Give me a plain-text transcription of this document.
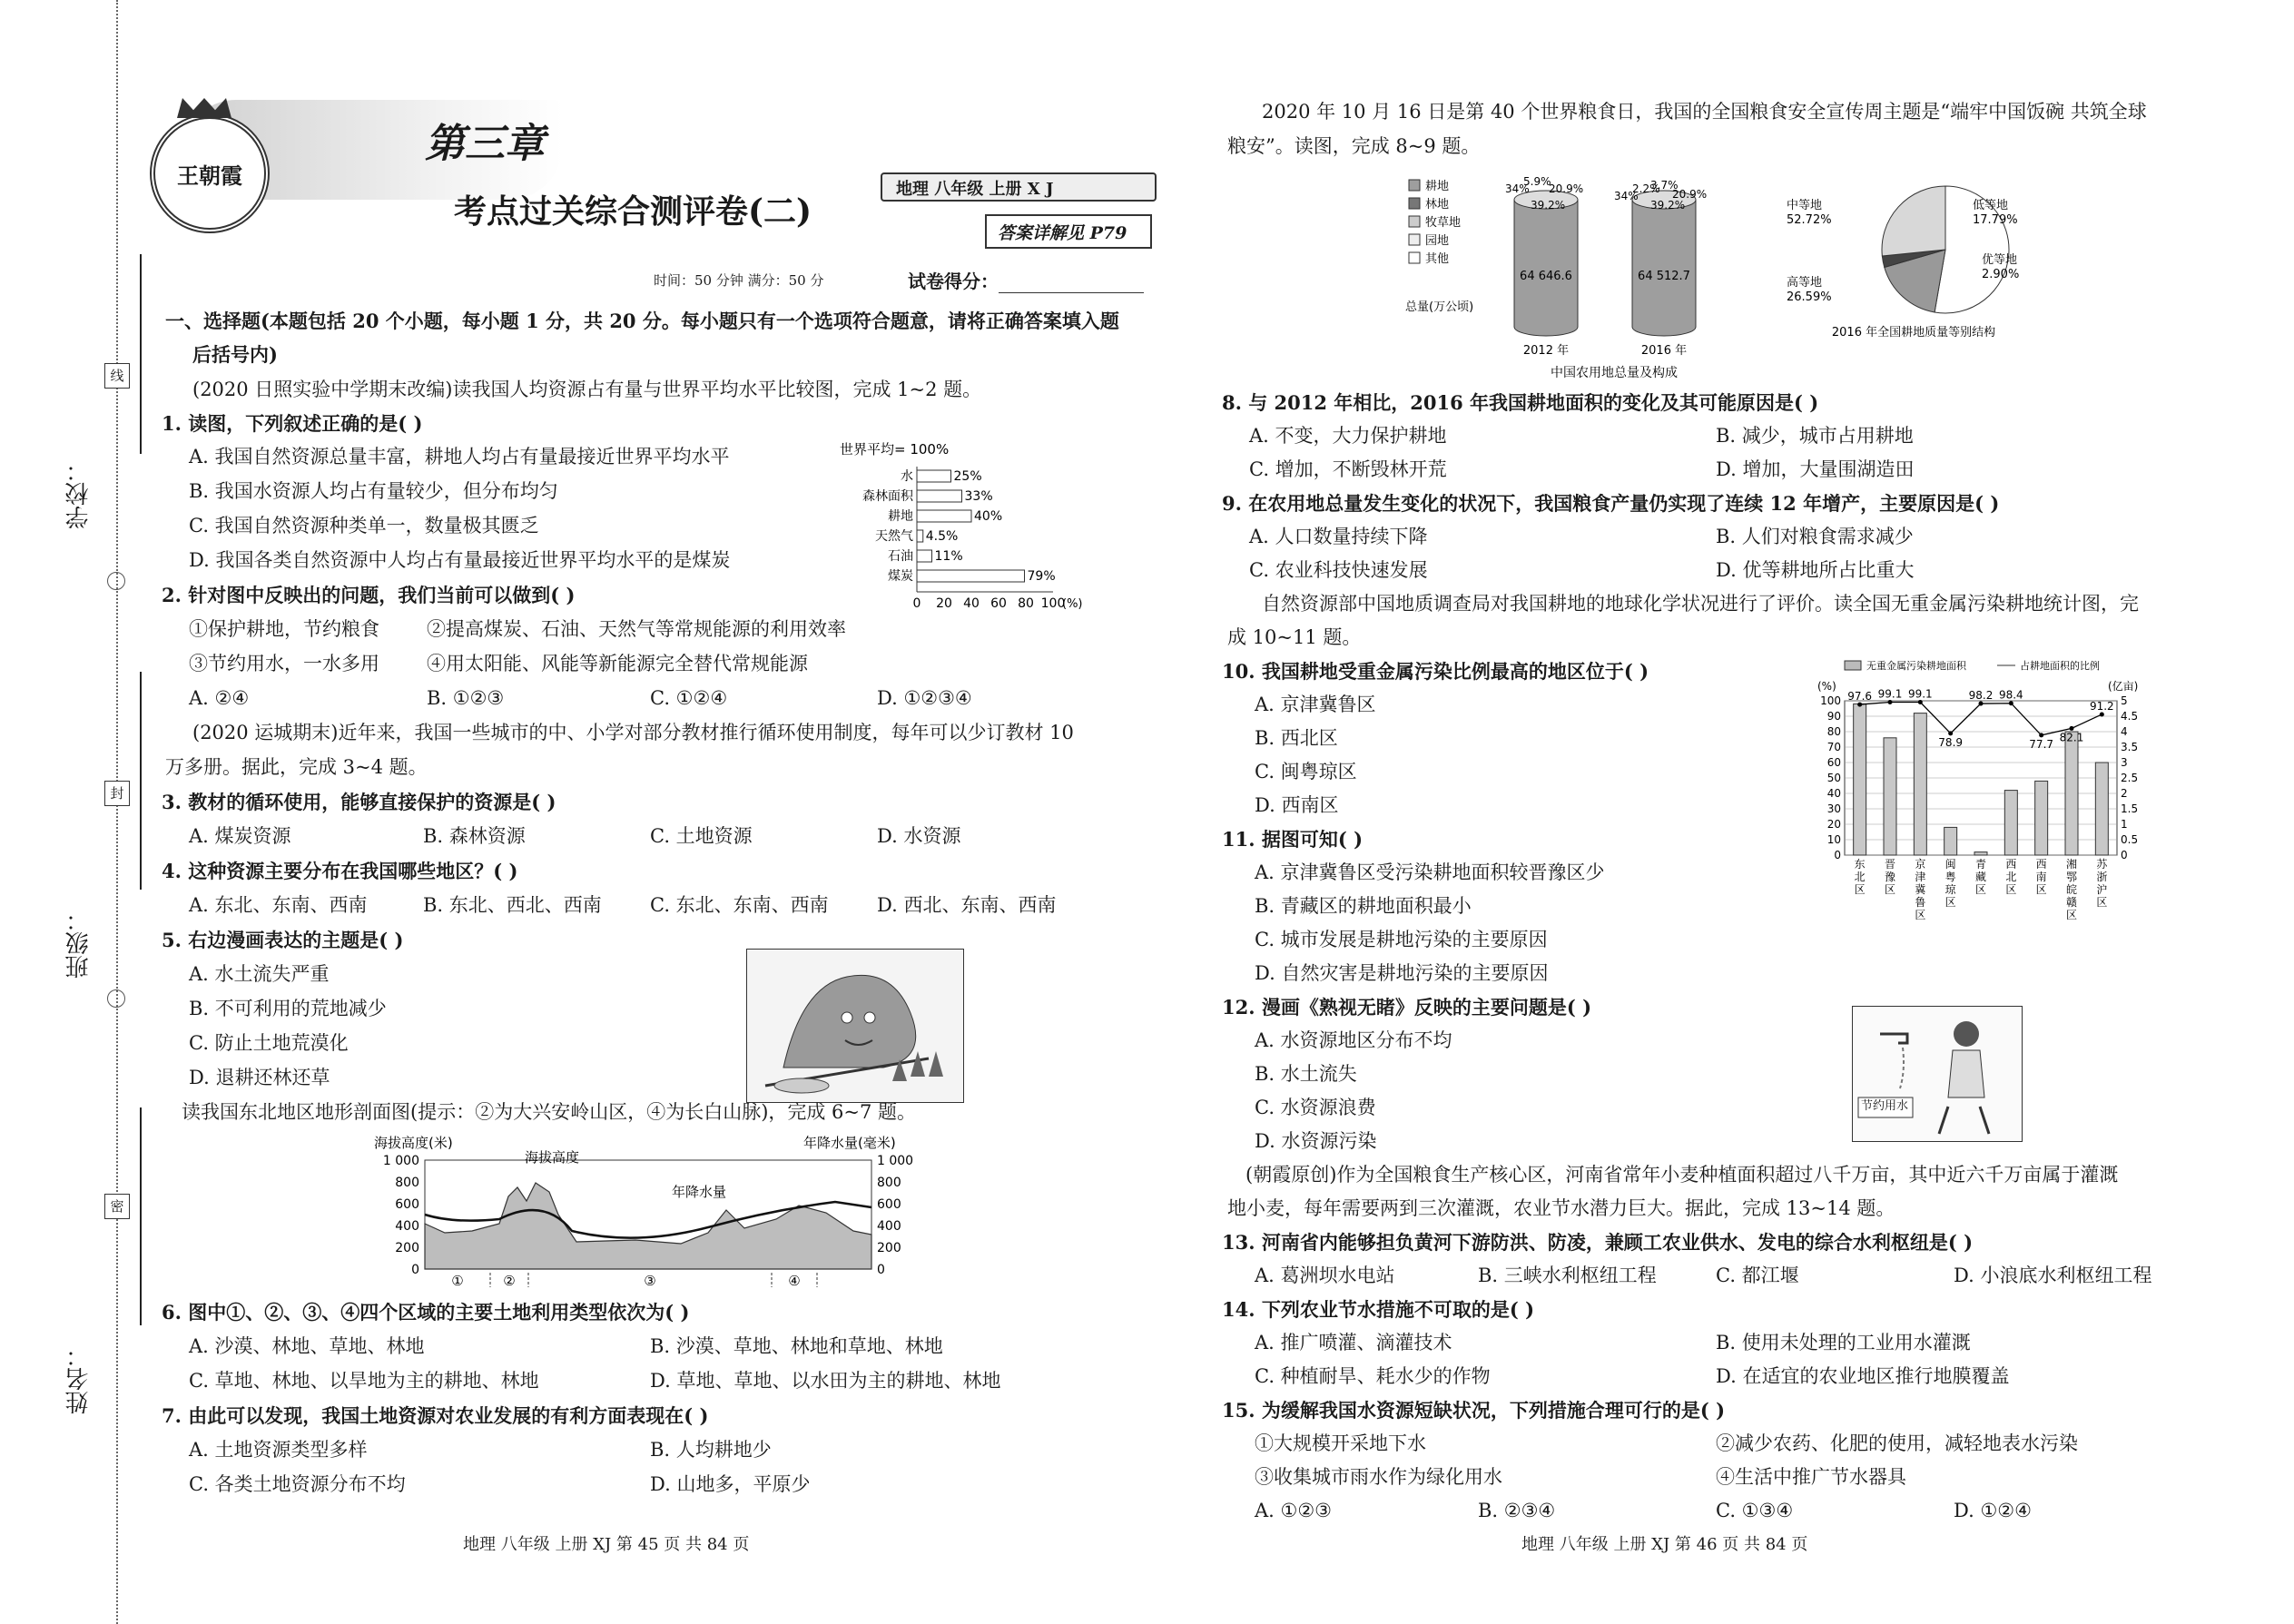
学校：
班级：
姓名：
线
封
密
王朝霞
第三章
考点过关综合测评卷(二)
地理 八年级 上册 X J
答案详解见 P79
时间：50 分钟 满分：50 分	试卷得分：
一、选择题(本题包括 20 个小题，每小题 1 分，共 20 分。每小题只有一个选项符合题意，请将正确答案填入题
后括号内)
(2020 日照实验中学期末改编)读我国人均资源占有量与世界平均水平比较图，完成 1~2 题。
1. 读图，下列叙述正确的是( )
A. 我国自然资源总量丰富，耕地人均占有量最接近世界平均水平
B. 我国水资源人均占有量较少，但分布均匀
C. 我国自然资源种类单一，数量极其匮乏
D. 我国各类自然资源中人均占有量最接近世界平均水平的是煤炭
世界平均= 100%
水	25%
森林面积	33%
耕地	40%
天然气 4.5%
石油 11%
煤炭	79%
0 20 40 60 80 100
(%)
2. 针对图中反映出的问题，我们当前可以做到( )
①保护耕地，节约粮食 ②提高煤炭、石油、天然气等常规能源的利用效率
③节约用水，一水多用 ④用太阳能、风能等新能源完全替代常规能源
A. ②④	B. ①②③	C. ①②④	D. ①②③④
(2020 运城期末)近年来，我国一些城市的中、小学对部分教材推行循环使用制度，每年可以少订教材 10
万多册。据此，完成 3~4 题。
3. 教材的循环使用，能够直接保护的资源是( )
A. 煤炭资源	B. 森林资源	C. 土地资源	D. 水资源
4. 这种资源主要分布在我国哪些地区？( )
A. 东北、东南、西南	B. 东北、西北、西南	C. 东北、东南、西南	D. 西北、东南、西南
5. 右边漫画表达的主题是( )
A. 水土流失严重
B. 不可利用的荒地减少
C. 防止土地荒漠化
D. 退耕还林还草
读我国东北地区地形剖面图(提示：②为大兴安岭山区，④为长白山脉)，完成 6~7 题。
海拔高度(米)	年降水量(毫米)
1 000	1 000
800	800
600	600
400	400
200	200
0	0
海拔高度
年降水量
①	②	③	④
6. 图中①、②、③、④四个区域的主要土地利用类型依次为( )
A. 沙漠、林地、草地、林地	B. 沙漠、草地、林地和草地、林地
C. 草地、林地、以旱地为主的耕地、林地	D. 草地、草地、以水田为主的耕地、林地
7. 由此可以发现，我国土地资源对农业发展的有利方面表现在( )
A. 土地资源类型多样	B. 人均耕地少
C. 各类土地资源分布不均	D. 山地多，平原少
地理 八年级 上册 XJ 第 45 页 共 84 页
2020 年 10 月 16 日是第 40 个世界粮食日，我国的全国粮食安全宣传周主题是“端牢中国饭碗 共筑全球
粮安”。读图，完成 8~9 题。
耕地
林地
牧草地
园地
其他
总量(万公顷)
64 646.6
2012 年
34%
5.9%
20.9%
39.2%
64 512.7
2016 年
34%
2.2%
3.7%
20.9%
39.2%
中国农用地总量及构成
中等地
52.72%
低等地
17.79%
优等地
2.90%
高等地
26.59%
2016 年全国耕地质量等别结构
8. 与 2012 年相比，2016 年我国耕地面积的变化及其可能原因是( )
A. 不变，大力保护耕地	B. 减少，城市占用耕地
C. 增加，不断毁林开荒	D. 增加，大量围湖造田
9. 在农用地总量发生变化的状况下，我国粮食产量仍实现了连续 12 年增产，主要原因是( )
A. 人口数量持续下降	B. 人们对粮食需求减少
C. 农业科技快速发展	D. 优等耕地所占比重大
自然资源部中国地质调查局对我国耕地的地球化学状况进行了评价。读全国无重金属污染耕地统计图，完
成 10~11 题。
10. 我国耕地受重金属污染比例最高的地区位于( )
A. 京津冀鲁区
B. 西北区
C. 闽粤琼区
D. 西南区
无重金属污染耕地面积	占耕地面积的比例
(%)	(亿亩)
100	5
90	4.5
80	4
70	3.5
60	3
50	2.5
40	2
30	1.5
20	1
10	0.5
0	0
97.6
东北区
99.1
晋豫区
99.1
京津冀鲁区
78.9
闽粤琼区
98.2
青藏区
98.4
西北区
77.7
西南区
82.1
湘鄂皖赣区
91.2
苏浙沪区
11. 据图可知( )
A. 京津冀鲁区受污染耕地面积较晋豫区少
B. 青藏区的耕地面积最小
C. 城市发展是耕地污染的主要原因
D. 自然灾害是耕地污染的主要原因
12. 漫画《熟视无睹》反映的主要问题是( )
A. 水资源地区分布不均
B. 水土流失
C. 水资源浪费
D. 水资源污染
节约用水
(朝霞原创)作为全国粮食生产核心区，河南省常年小麦种植面积超过八千万亩，其中近六千万亩属于灌溉
地小麦，每年需要两到三次灌溉，农业节水潜力巨大。据此，完成 13~14 题。
13. 河南省内能够担负黄河下游防洪、防凌，兼顾工农业供水、发电的综合水利枢纽是( )
A. 葛洲坝水电站	B. 三峡水利枢纽工程	C. 都江堰	D. 小浪底水利枢纽工程
14. 下列农业节水措施不可取的是( )
A. 推广喷灌、滴灌技术	B. 使用未处理的工业用水灌溉
C. 种植耐旱、耗水少的作物	D. 在适宜的农业地区推行地膜覆盖
15. 为缓解我国水资源短缺状况，下列措施合理可行的是( )
①大规模开采地下水	②减少农药、化肥的使用，减轻地表水污染
③收集城市雨水作为绿化用水	④生活中推广节水器具
A. ①②③	B. ②③④	C. ①③④	D. ①②④
地理 八年级 上册 XJ 第 46 页 共 84 页
